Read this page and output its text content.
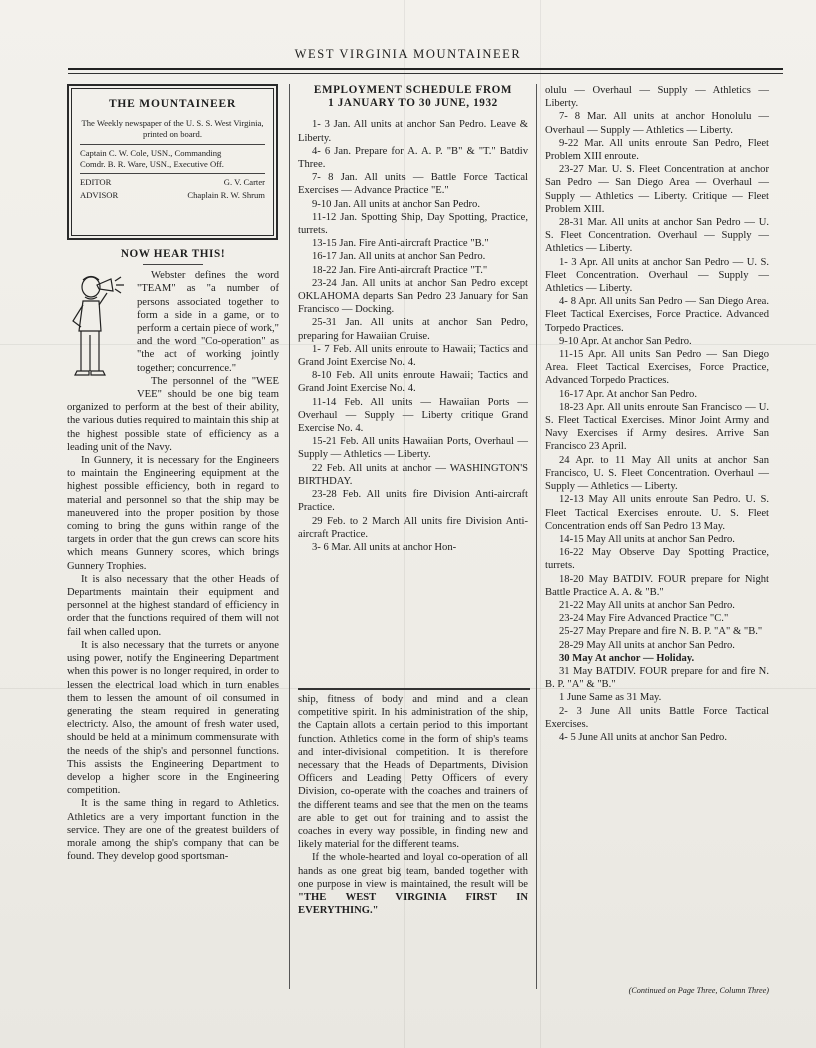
WEST VIRGINIA MOUNTAINEER
THE MOUNTAINEER
The Weekly newspaper of the U. S. S. West Virginia, printed on board.
Captain C. W. Cole, USN., Commanding
Comdr. B. R. Ware, USN., Executive Off.
EDITOR	G. V. Carter
ADVISOR	Chaplain R. W. Shrum
NOW HEAR THIS!

Webster defines the word "TEAM" as "a number of persons associated together to form a side in a game, or to perform a certain piece of work," and the word "Co-operation" as "the act of working jointly together; concurrence."

The personnel of the "WEE VEE" should be one big team organized to perform at the best of their ability, the various duties required to maintain this ship at the highest possible state of efficiency as a leading unit of the Navy.

In Gunnery, it is necessary for the Engineers to maintain the Engineering equipment at the highest possible efficiency, both in regard to material and personnel so that the ship may be maneuvered into the proper position by those coming to bring the guns within range of the targets in order that the gun crews can score hits which means Gunnery scores, which brings Gunnery Trophies.

It is also necessary that the other Heads of Departments maintain their equipment and personnel at the highest standard of efficiency in order that the functions required of them will not fail when called upon.

It is also necessary that the turrets or anyone using power, notify the Engineering Department when this power is no longer required, in order to lessen the electrical load which in turn enables them to lessen the amount of oil consumed in generating the steam required in generating electricty. Also, the amount of fresh water used, should be held at a minimum commensurate with the needs of the ship's and personnel functions. This assists the Engineering Department to develop a higher score in the Engineering competition.

It is the same thing in regard to Athletics. Athletics are a very important function in the service. They are one of the greatest builders of morale among the ship's company that can be found. They develop good sportsman-

EMPLOYMENT SCHEDULE FROM
1 JANUARY TO 30 JUNE, 1932

1- 3 Jan. All units at anchor San Pedro. Leave & Liberty.

4- 6 Jan. Prepare for A. A. P. "B" & "T." Batdiv Three.

7- 8 Jan. All units — Battle Force Tactical Exercises — Advance Practice "E."

9-10 Jan. All units at anchor San Pedro.

11-12 Jan. Spotting Ship, Day Spotting, Practice, turrets.

13-15 Jan. Fire Anti-aircraft Practice "B."

16-17 Jan. All units at anchor San Pedro.

18-22 Jan. Fire Anti-aircraft Practice "T."

23-24 Jan. All units at anchor San Pedro except OKLAHOMA departs San Pedro 23 January for San Francisco — Docking.

25-31 Jan. All units at anchor San Pedro, preparing for Hawaiian Cruise.

1- 7 Feb. All units enroute to Hawaii; Tactics and Grand Joint Exercise No. 4.

8-10 Feb. All units enroute Hawaii; Tactics and Grand Joint Exercise No. 4.

11-14 Feb. All units — Hawaiian Ports — Overhaul — Supply — Liberty critique Grand Exercise No. 4.

15-21 Feb. All units Hawaiian Ports, Overhaul — Supply — Athletics — Liberty.

22 Feb. All units at anchor — WASHINGTON'S BIRTHDAY.

23-28 Feb. All units fire Division Anti-aircraft Practice.

29 Feb. to 2 March All units fire Division Anti-aircraft Practice.

3- 6 Mar. All units at anchor Hon-

ship, fitness of body and mind and a clean competitive spirit. In his administration of the ship, the Captain allots a certain period to this important function. Athletics come in the form of ship's teams and inter-divisional competition. It is therefore necessary that the Heads of Departments, Division Officers and Leading Petty Officers of every Division, co-operate with the coaches and trainers of the different teams and see that the men on the teams are able to get out for training and to assist the coaches in every way possible, in finding new and likely material for the different teams.

If the whole-hearted and loyal co-operation of all hands as one great big team, banded together with one purpose in view is maintained, the result will be "THE WEST VIRGINIA FIRST IN EVERYTHING."

olulu — Overhaul — Supply — Athletics — Liberty.

7- 8 Mar. All units at anchor Honolulu — Overhaul — Supply — Athletics — Liberty.

9-22 Mar. All units enroute San Pedro, Fleet Problem XIII enroute.

23-27 Mar. U. S. Fleet Concentration at anchor San Pedro — San Diego Area — Overhaul — Supply — Athletics — Liberty. Critique — Fleet Problem XIII.

28-31 Mar. All units at anchor San Pedro — U. S. Fleet Concentration. Overhaul — Supply — Athletics — Liberty.

1- 3 Apr. All units at anchor San Pedro — U. S. Fleet Concentration. Overhaul — Supply — Athletics — Liberty.

4- 8 Apr. All units San Pedro — San Diego Area. Fleet Tactical Exercises, Force Practice. Advanced Torpedo Practices.

9-10 Apr. At anchor San Pedro.

11-15 Apr. All units San Pedro — San Diego Area. Fleet Tactical Exercises, Force Practice, Advanced Torpedo Practices.

16-17 Apr. At anchor San Pedro.

18-23 Apr. All units enroute San Francisco — U. S. Fleet Tactical Exercises. Minor Joint Army and Navy Exercises if Army desires. Arrive San Francisco 23 April.

24 Apr. to 11 May All units at anchor San Francisco, U. S. Fleet Concentration. Overhaul — Supply — Athletics — Liberty.

12-13 May All units enroute San Pedro. U. S. Fleet Tactical Exercises enroute. U. S. Fleet Concentration ends off San Pedro 13 May.

14-15 May All units at anchor San Pedro.

16-22 May Observe Day Spotting Practice, turrets.

18-20 May BATDIV. FOUR prepare for Night Battle Practice A. A. & "B."

21-22 May All units at anchor San Pedro.

23-24 May Fire Advanced Practice "C."

25-27 May Prepare and fire N. B. P. "A" & "B."

28-29 May All units at anchor San Pedro.

30 May At anchor — Holiday.

31 May BATDIV. FOUR prepare for and fire N. B. P. "A" & "B."

1 June Same as 31 May.

2- 3 June All units Battle Force Tactical Exercises.

4- 5 June All units at anchor San Pedro.

(Continued on Page Three, Column Three)
